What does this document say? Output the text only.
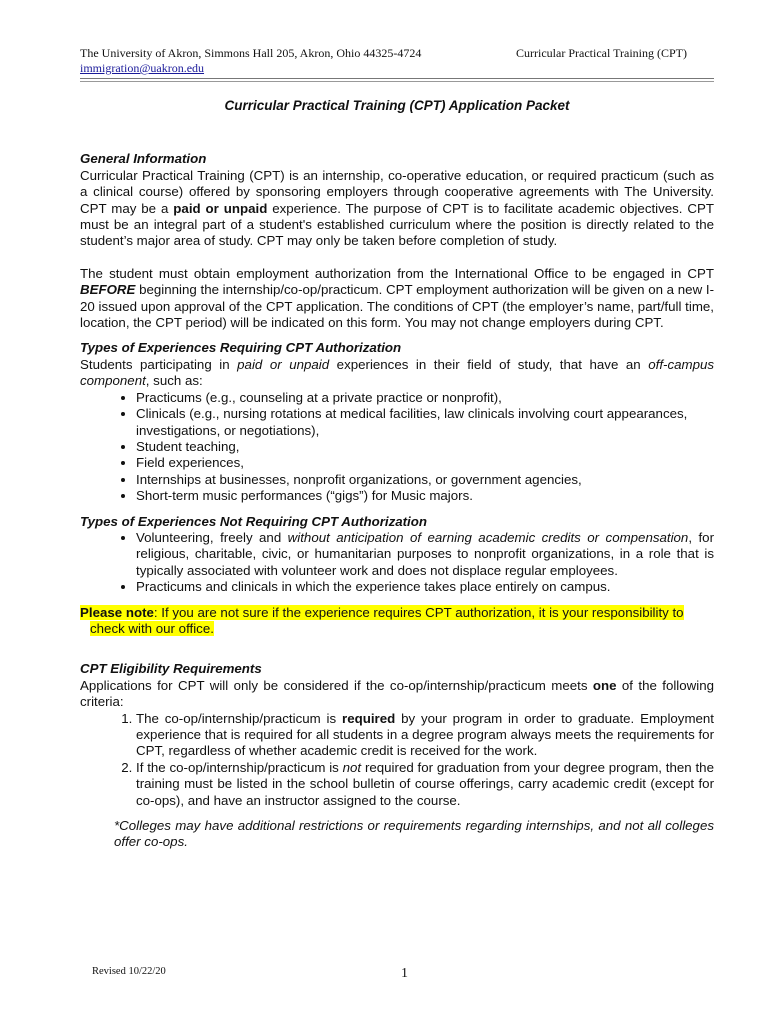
The University of Akron, Simmons Hall 205, Akron, Ohio 44325-4724
immigration@uakron.edu
Curricular Practical Training (CPT)
Curricular Practical Training (CPT) Application Packet
General Information

Curricular Practical Training (CPT) is an internship, co-operative education, or required practicum (such as a clinical course) offered by sponsoring employers through cooperative agreements with The University. CPT may be a paid or unpaid experience. The purpose of CPT is to facilitate academic objectives. CPT must be an integral part of a student's established curriculum where the position is directly related to the student’s major area of study. CPT may only be taken before completion of study.

The student must obtain employment authorization from the International Office to be engaged in CPT BEFORE beginning the internship/co-op/practicum. CPT employment authorization will be given on a new I-20 issued upon approval of the CPT application. The conditions of CPT (the employer’s name, part/full time, location, the CPT period) will be indicated on this form. You may not change employers during CPT.

Types of Experiences Requiring CPT Authorization

Students participating in paid or unpaid experiences in their field of study, that have an off-campus component, such as:

• Practicums (e.g., counseling at a private practice or nonprofit),
• Clinicals (e.g., nursing rotations at medical facilities, law clinicals involving court appearances, investigations, or negotiations),
• Student teaching,
• Field experiences,
• Internships at businesses, nonprofit organizations, or government agencies,
• Short-term music performances (“gigs”) for Music majors.
Types of Experiences Not Requiring CPT Authorization
• Volunteering, freely and without anticipation of earning academic credits or compensation, for religious, charitable, civic, or humanitarian purposes to nonprofit organizations, in a role that is typically associated with volunteer work and does not displace regular employees.
• Practicums and clinicals in which the experience takes place entirely on campus.
Please note: If you are not sure if the experience requires CPT authorization, it is your responsibility to
check with our office.
CPT Eligibility Requirements

Applications for CPT will only be considered if the co-op/internship/practicum meets one of the following criteria:

1. The co-op/internship/practicum is required by your program in order to graduate. Employment experience that is required for all students in a degree program always meets the requirements for CPT, regardless of whether academic credit is received for the work.
2. If the co-op/internship/practicum is not required for graduation from your degree program, then the training must be listed in the school bulletin of course offerings, carry academic credit (except for co-ops), and have an instructor assigned to the course.
*Colleges may have additional restrictions or requirements regarding internships, and not all colleges offer co-ops.
Revised 10/22/20	1
